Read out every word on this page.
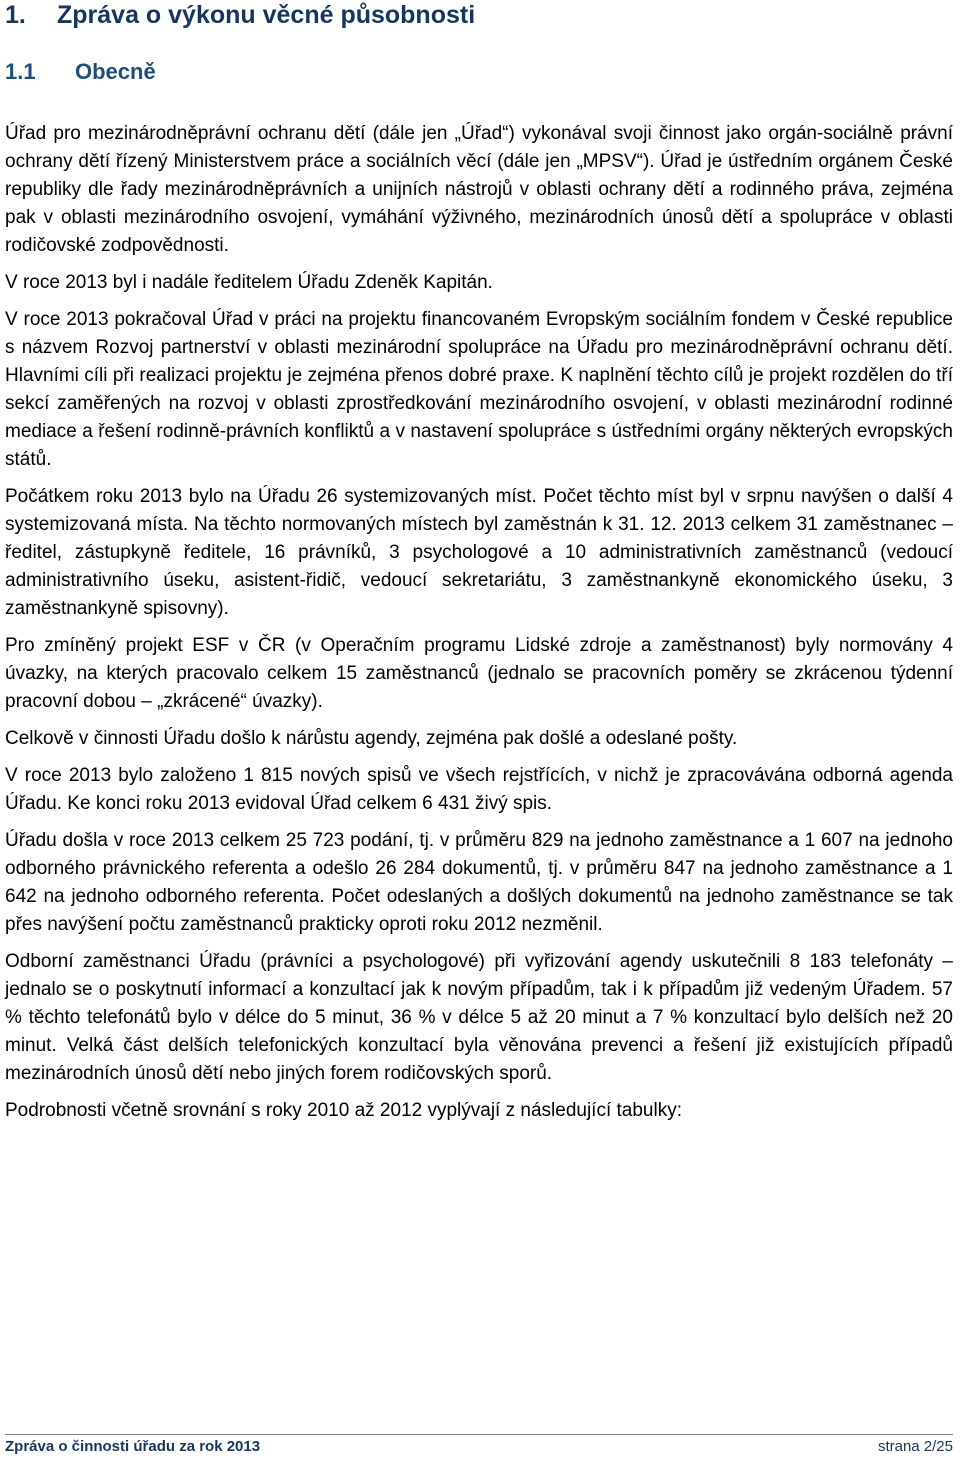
1. Zpráva o výkonu věcné působnosti
1.1 Obecně

Úřad pro mezinárodněprávní ochranu dětí (dále jen „Úřad“) vykonával svoji činnost jako orgán-sociálně právní ochrany dětí řízený Ministerstvem práce a sociálních věcí (dále jen „MPSV“). Úřad je ústředním orgánem České republiky dle řady mezinárodněprávních a unijních nástrojů v oblasti ochrany dětí a rodinného práva, zejména pak v oblasti mezinárodního osvojení, vymáhání výživného, mezinárodních únosů dětí a spolupráce v oblasti rodičovské zodpovědnosti.

V roce 2013 byl i nadále ředitelem Úřadu Zdeněk Kapitán.

V roce 2013 pokračoval Úřad v práci na projektu financovaném Evropským sociálním fondem v České republice s názvem Rozvoj partnerství v oblasti mezinárodní spolupráce na Úřadu pro mezinárodněprávní ochranu dětí. Hlavními cíli při realizaci projektu je zejména přenos dobré praxe. K naplnění těchto cílů je projekt rozdělen do tří sekcí zaměřených na rozvoj v oblasti zprostředkování mezinárodního osvojení, v oblasti mezinárodní rodinné mediace a řešení rodinně-právních konfliktů a v nastavení spolupráce s ústředními orgány některých evropských států.

Počátkem roku 2013 bylo na Úřadu 26 systemizovaných míst. Počet těchto míst byl v srpnu navýšen o další 4 systemizovaná místa. Na těchto normovaných místech byl zaměstnán k 31. 12. 2013 celkem 31 zaměstnanec – ředitel, zástupkyně ředitele, 16 právníků, 3 psychologové a 10 administrativních zaměstnanců (vedoucí administrativního úseku, asistent-řidič, vedoucí sekretariátu, 3 zaměstnankyně ekonomického úseku, 3 zaměstnankyně spisovny).

Pro zmíněný projekt ESF v ČR (v Operačním programu Lidské zdroje a zaměstnanost) byly normovány 4 úvazky, na kterých pracovalo celkem 15 zaměstnanců (jednalo se pracovních poměry se zkrácenou týdenní pracovní dobou – „zkrácené“ úvazky).

Celkově v činnosti Úřadu došlo k nárůstu agendy, zejména pak došlé a odeslané pošty.

V roce 2013 bylo založeno 1 815 nových spisů ve všech rejstřících, v nichž je zpracovávána odborná agenda Úřadu. Ke konci roku 2013 evidoval Úřad celkem 6 431 živý spis.

Úřadu došla v roce 2013 celkem 25 723 podání, tj. v průměru 829 na jednoho zaměstnance a 1 607 na jednoho odborného právnického referenta a odešlo 26 284 dokumentů, tj. v průměru 847 na jednoho zaměstnance a 1 642 na jednoho odborného referenta. Počet odeslaných a došlých dokumentů na jednoho zaměstnance se tak přes navýšení počtu zaměstnanců prakticky oproti roku 2012 nezměnil.

Odborní zaměstnanci Úřadu (právníci a psychologové) při vyřizování agendy uskutečnili 8 183 telefonáty – jednalo se o poskytnutí informací a konzultací jak k novým případům, tak i k případům již vedeným Úřadem. 57 % těchto telefonátů bylo v délce do 5 minut, 36 % v délce 5 až 20 minut a 7 % konzultací bylo delších než 20 minut. Velká část delších telefonických konzultací byla věnována prevenci a řešení již existujících případů mezinárodních únosů dětí nebo jiných forem rodičovských sporů.

Podrobnosti včetně srovnání s roky 2010 až 2012 vyplývají z následující tabulky:

Zpráva o činnosti úřadu za rok 2013	strana 2/25
